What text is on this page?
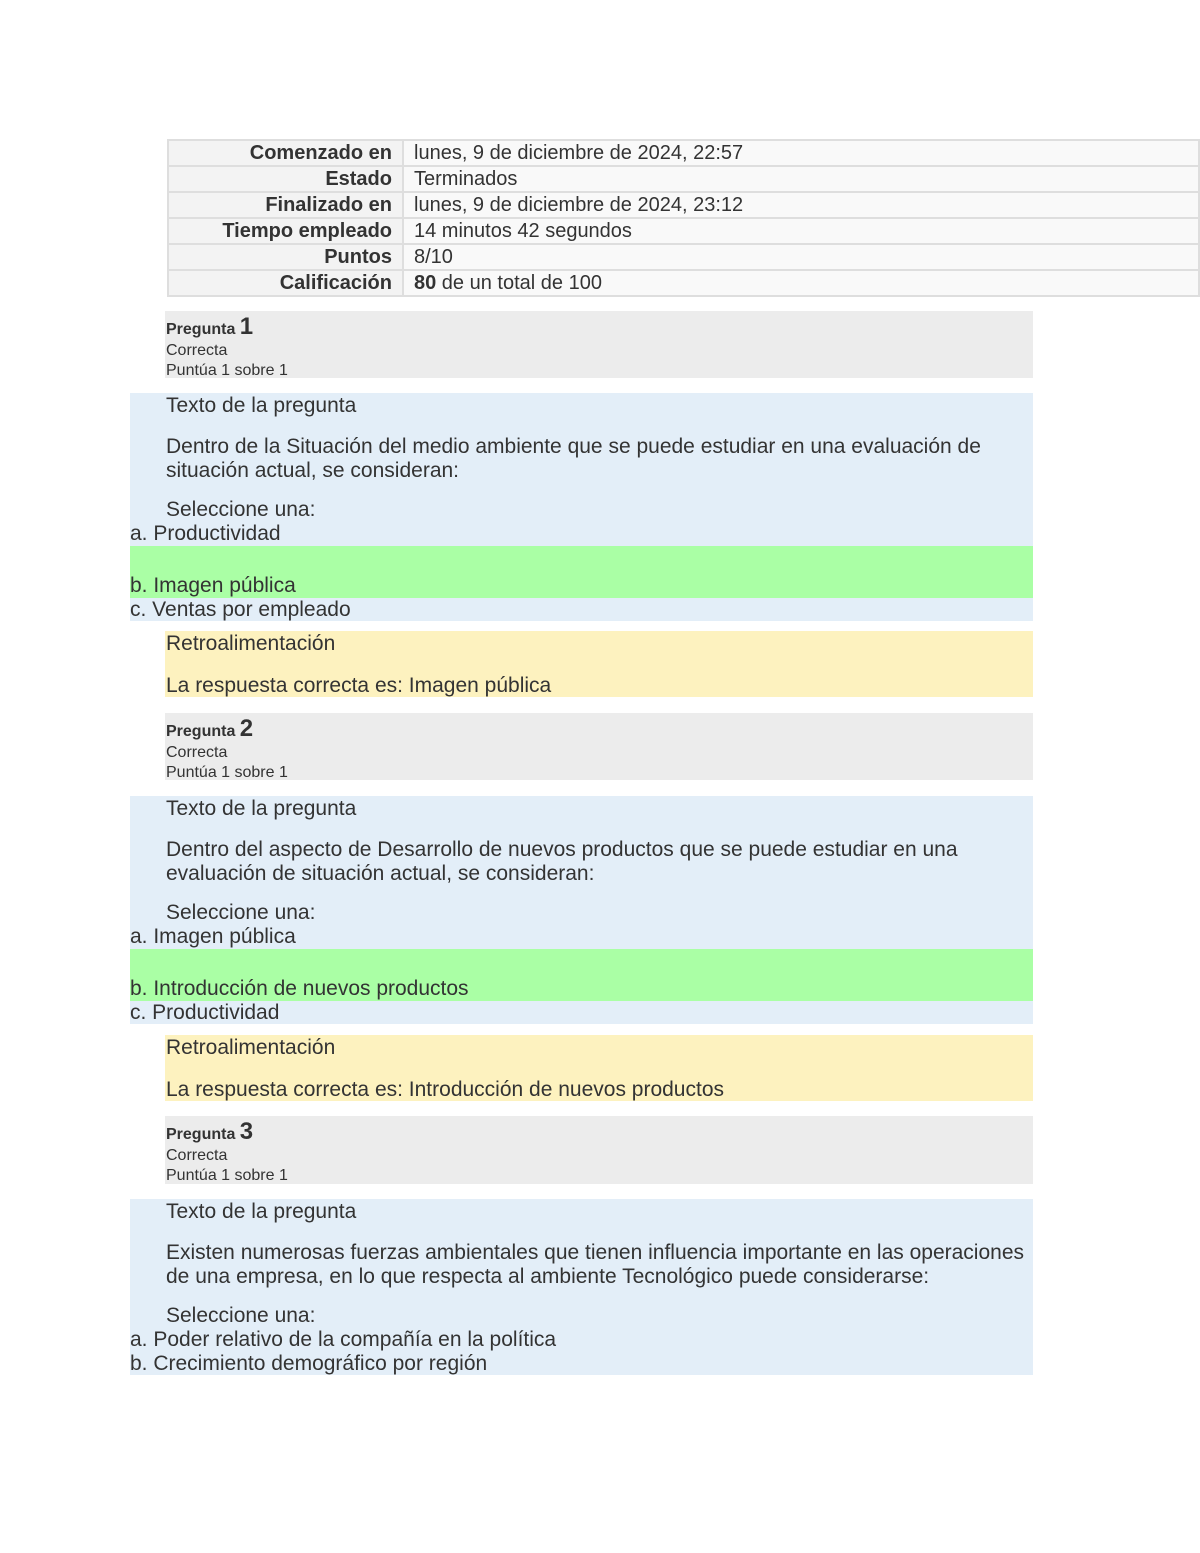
Comenzado en	lunes, 9 de diciembre de 2024, 22:57
Estado	Terminados
Finalizado en	lunes, 9 de diciembre de 2024, 23:12
Tiempo empleado	14 minutos 42 segundos
Puntos	8/10
Calificación	80 de un total de 100
Pregunta 1
Correcta
Puntúa 1 sobre 1
Texto de la pregunta
Dentro de la Situación del medio ambiente que se puede estudiar en una evaluación de situación actual, se consideran:
Seleccione una:
a. Productividad
b. Imagen pública
c. Ventas por empleado
Retroalimentación
La respuesta correcta es: Imagen pública
Pregunta 2
Correcta
Puntúa 1 sobre 1
Texto de la pregunta
Dentro del aspecto de Desarrollo de nuevos productos que se puede estudiar en una evaluación de situación actual, se consideran:
Seleccione una:
a. Imagen pública
b. Introducción de nuevos productos
c. Productividad
Retroalimentación
La respuesta correcta es: Introducción de nuevos productos
Pregunta 3
Correcta
Puntúa 1 sobre 1
Texto de la pregunta
Existen numerosas fuerzas ambientales que tienen influencia importante en las operaciones de una empresa, en lo que respecta al ambiente Tecnológico puede considerarse:
Seleccione una:
a. Poder relativo de la compañía en la política
b. Crecimiento demográfico por región
